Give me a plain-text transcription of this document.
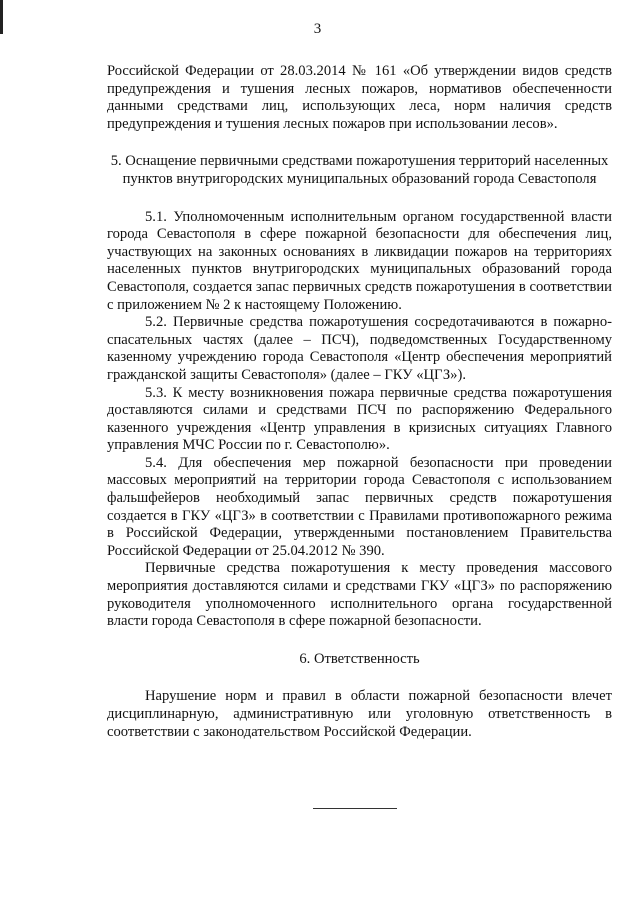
3

Российской Федерации от 28.03.2014 № 161 «Об утверждении видов средств предупреждения и тушения лесных пожаров, нормативов обеспеченности данными средствами лиц, использующих леса, норм наличия средств предупреждения и тушения лесных пожаров при использовании лесов».

5. Оснащение первичными средствами пожаротушения территорий населенных пунктов внутригородских муниципальных образований города Севастополя

5.1. Уполномоченным исполнительным органом государственной власти города Севастополя в сфере пожарной безопасности для обеспечения лиц, участвующих на законных основаниях в ликвидации пожаров на территориях населенных пунктов внутригородских муниципальных образований города Севастополя, создается запас первичных средств пожаротушения в соответствии с приложением № 2 к настоящему Положению.

5.2. Первичные средства пожаротушения сосредотачиваются в пожарно-спасательных частях (далее – ПСЧ), подведомственных Государственному казенному учреждению города Севастополя «Центр обеспечения мероприятий гражданской защиты Севастополя» (далее – ГКУ «ЦГЗ»).

5.3. К месту возникновения пожара первичные средства пожаротушения доставляются силами и средствами ПСЧ по распоряжению Федерального казенного учреждения «Центр управления в кризисных ситуациях Главного управления МЧС России по г. Севастополю».

5.4. Для обеспечения мер пожарной безопасности при проведении массовых мероприятий на территории города Севастополя с использованием фальшфейеров необходимый запас первичных средств пожаротушения создается в ГКУ «ЦГЗ» в соответствии с Правилами противопожарного режима в Российской Федерации, утвержденными постановлением Правительства Российской Федерации от 25.04.2012 № 390.

Первичные средства пожаротушения к месту проведения массового мероприятия доставляются силами и средствами ГКУ «ЦГЗ» по распоряжению руководителя уполномоченного исполнительного органа государственной власти города Севастополя в сфере пожарной безопасности.

6. Ответственность

Нарушение норм и правил в области пожарной безопасности влечет дисциплинарную, административную или уголовную ответственность в соответствии с законодательством Российской Федерации.
